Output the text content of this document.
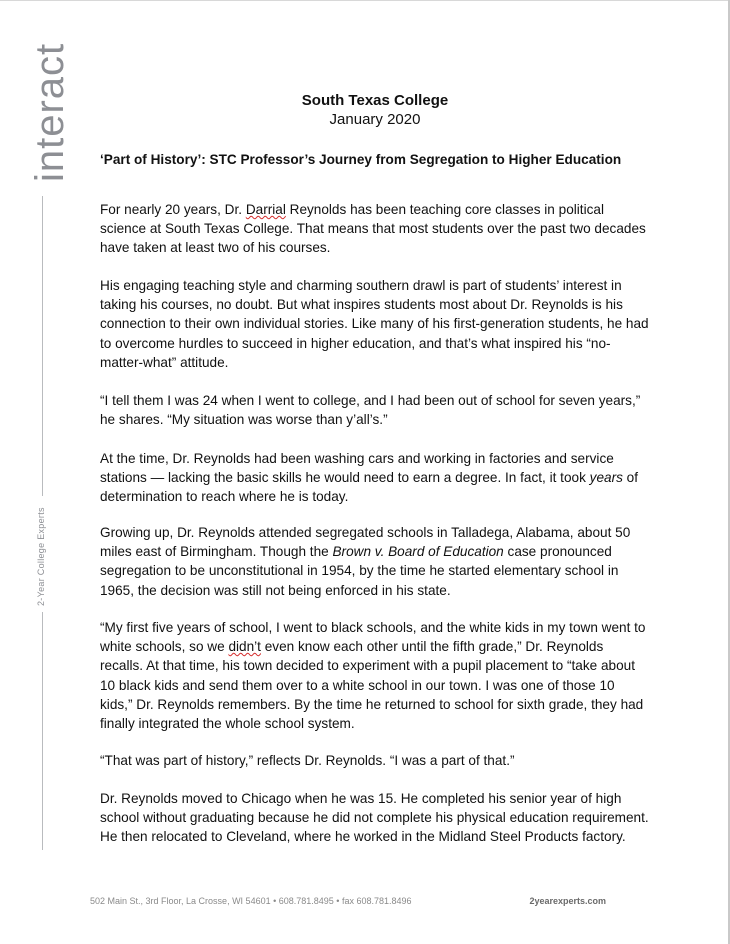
interact
2-Year College Experts
South Texas College
January 2020
‘Part of History’: STC Professor’s Journey from Segregation to Higher Education

For nearly 20 years, Dr. Darrial Reynolds has been teaching core classes in political science at South Texas College. That means that most students over the past two decades have taken at least two of his courses.

His engaging teaching style and charming southern drawl is part of students’ interest in taking his courses, no doubt. But what inspires students most about Dr. Reynolds is his connection to their own individual stories. Like many of his first-generation students, he had to overcome hurdles to succeed in higher education, and that’s what inspired his “no-matter-what” attitude.

“I tell them I was 24 when I went to college, and I had been out of school for seven years,” he shares. “My situation was worse than y’all’s.”

At the time, Dr. Reynolds had been washing cars and working in factories and service stations — lacking the basic skills he would need to earn a degree. In fact, it took years of determination to reach where he is today.

Growing up, Dr. Reynolds attended segregated schools in Talladega, Alabama, about 50 miles east of Birmingham. Though the Brown v. Board of Education case pronounced segregation to be unconstitutional in 1954, by the time he started elementary school in 1965, the decision was still not being enforced in his state.

“My first five years of school, I went to black schools, and the white kids in my town went to white schools, so we didn’t even know each other until the fifth grade,” Dr. Reynolds recalls. At that time, his town decided to experiment with a pupil placement to “take about 10 black kids and send them over to a white school in our town. I was one of those 10 kids,” Dr. Reynolds remembers. By the time he returned to school for sixth grade, they had finally integrated the whole school system.

“That was part of history,” reflects Dr. Reynolds. “I was a part of that.”

Dr. Reynolds moved to Chicago when he was 15. He completed his senior year of high school without graduating because he did not complete his physical education requirement. He then relocated to Cleveland, where he worked in the Midland Steel Products factory.

502 Main St., 3rd Floor, La Crosse, WI 54601 • 608.781.8495 • fax 608.781.8496	2yearexperts.com
